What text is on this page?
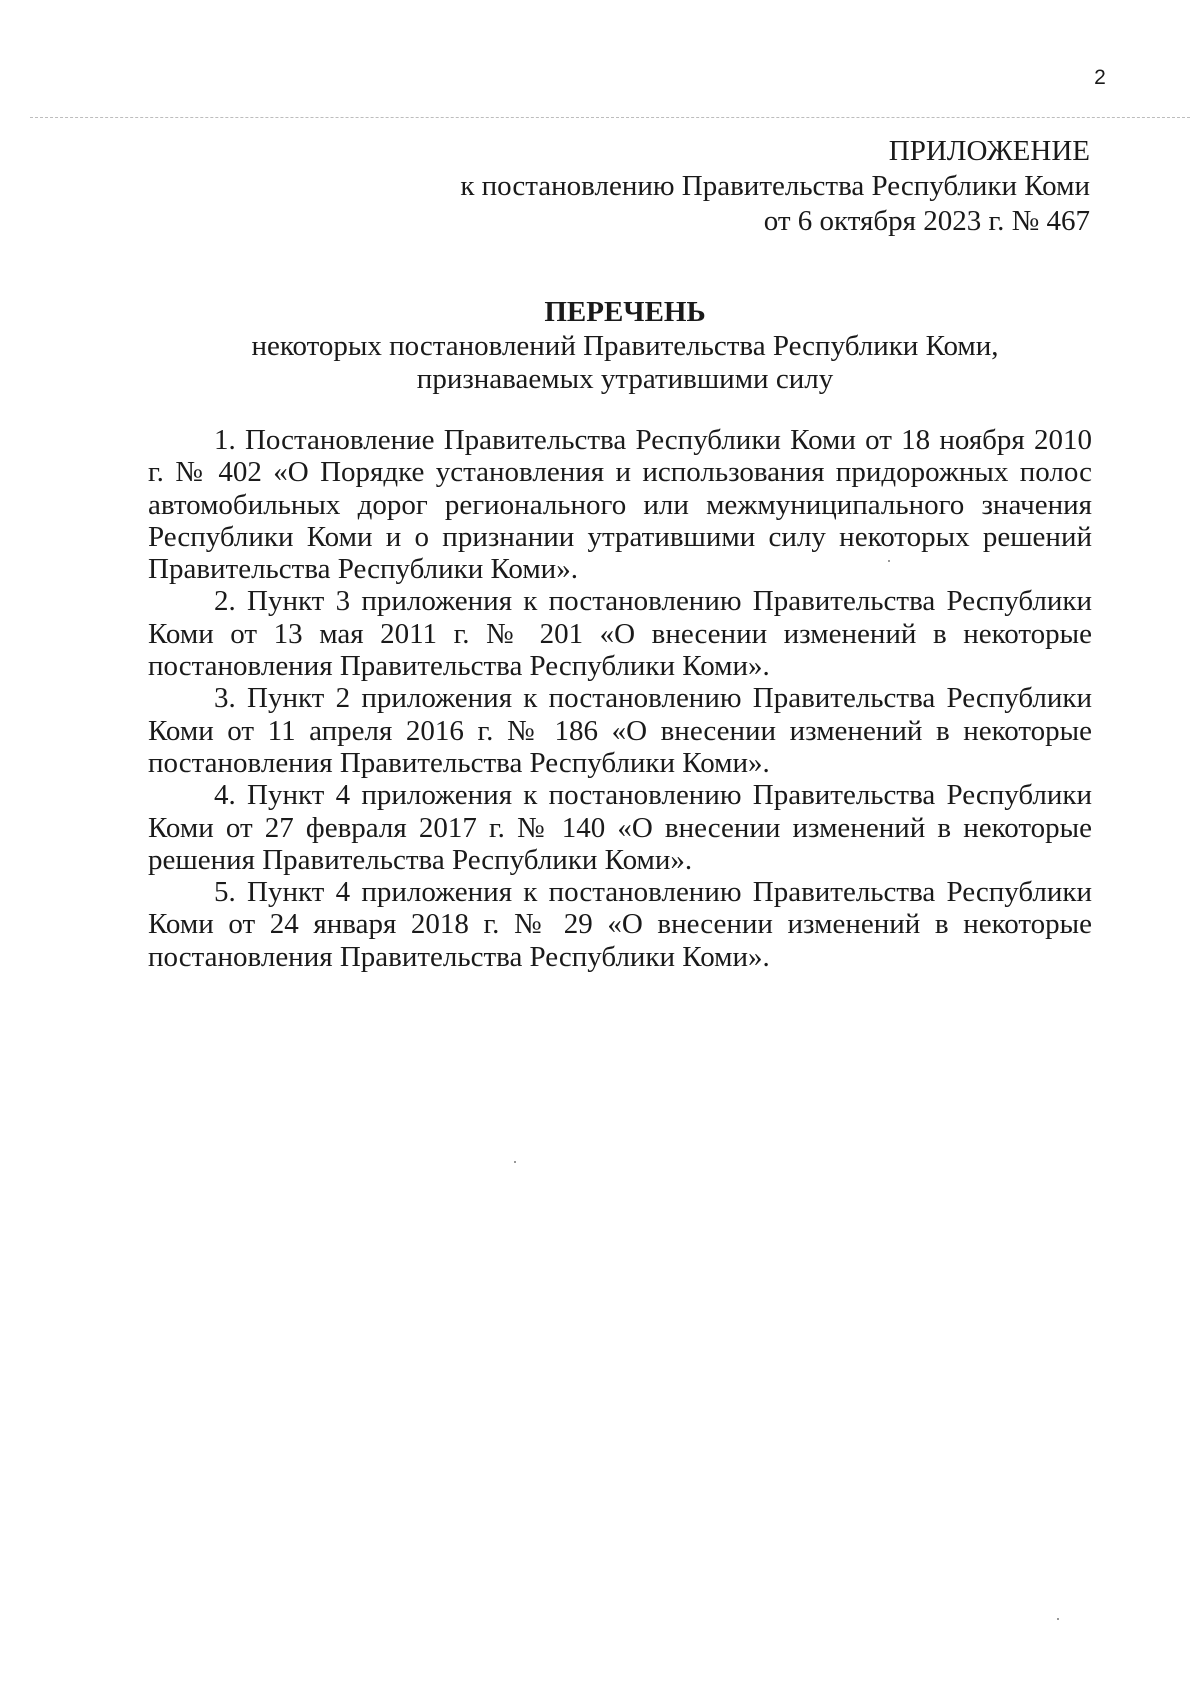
2
ПРИЛОЖЕНИЕ
к постановлению Правительства Республики Коми
от 6 октября 2023 г. № 467
ПЕРЕЧЕНЬ
некоторых постановлений Правительства Республики Коми,
признаваемых утратившими силу

1. Постановление Правительства Республики Коми от 18 ноября 2010 г. № 402 «О Порядке установления и использования придорожных полос автомобильных дорог регионального или межмуниципального значения Республики Коми и о признании утратившими силу некоторых решений Правительства Республики Коми».

2. Пункт 3 приложения к постановлению Правительства Республики Коми от 13 мая 2011 г. № 201 «О внесении изменений в некоторые постановления Правительства Республики Коми».

3. Пункт 2 приложения к постановлению Правительства Республики Коми от 11 апреля 2016 г. № 186 «О внесении изменений в некоторые постановления Правительства Республики Коми».

4. Пункт 4 приложения к постановлению Правительства Республики Коми от 27 февраля 2017 г. № 140 «О внесении изменений в некоторые решения Правительства Республики Коми».

5. Пункт 4 приложения к постановлению Правительства Республики Коми от 24 января 2018 г. № 29 «О внесении изменений в некоторые постановления Правительства Республики Коми».
